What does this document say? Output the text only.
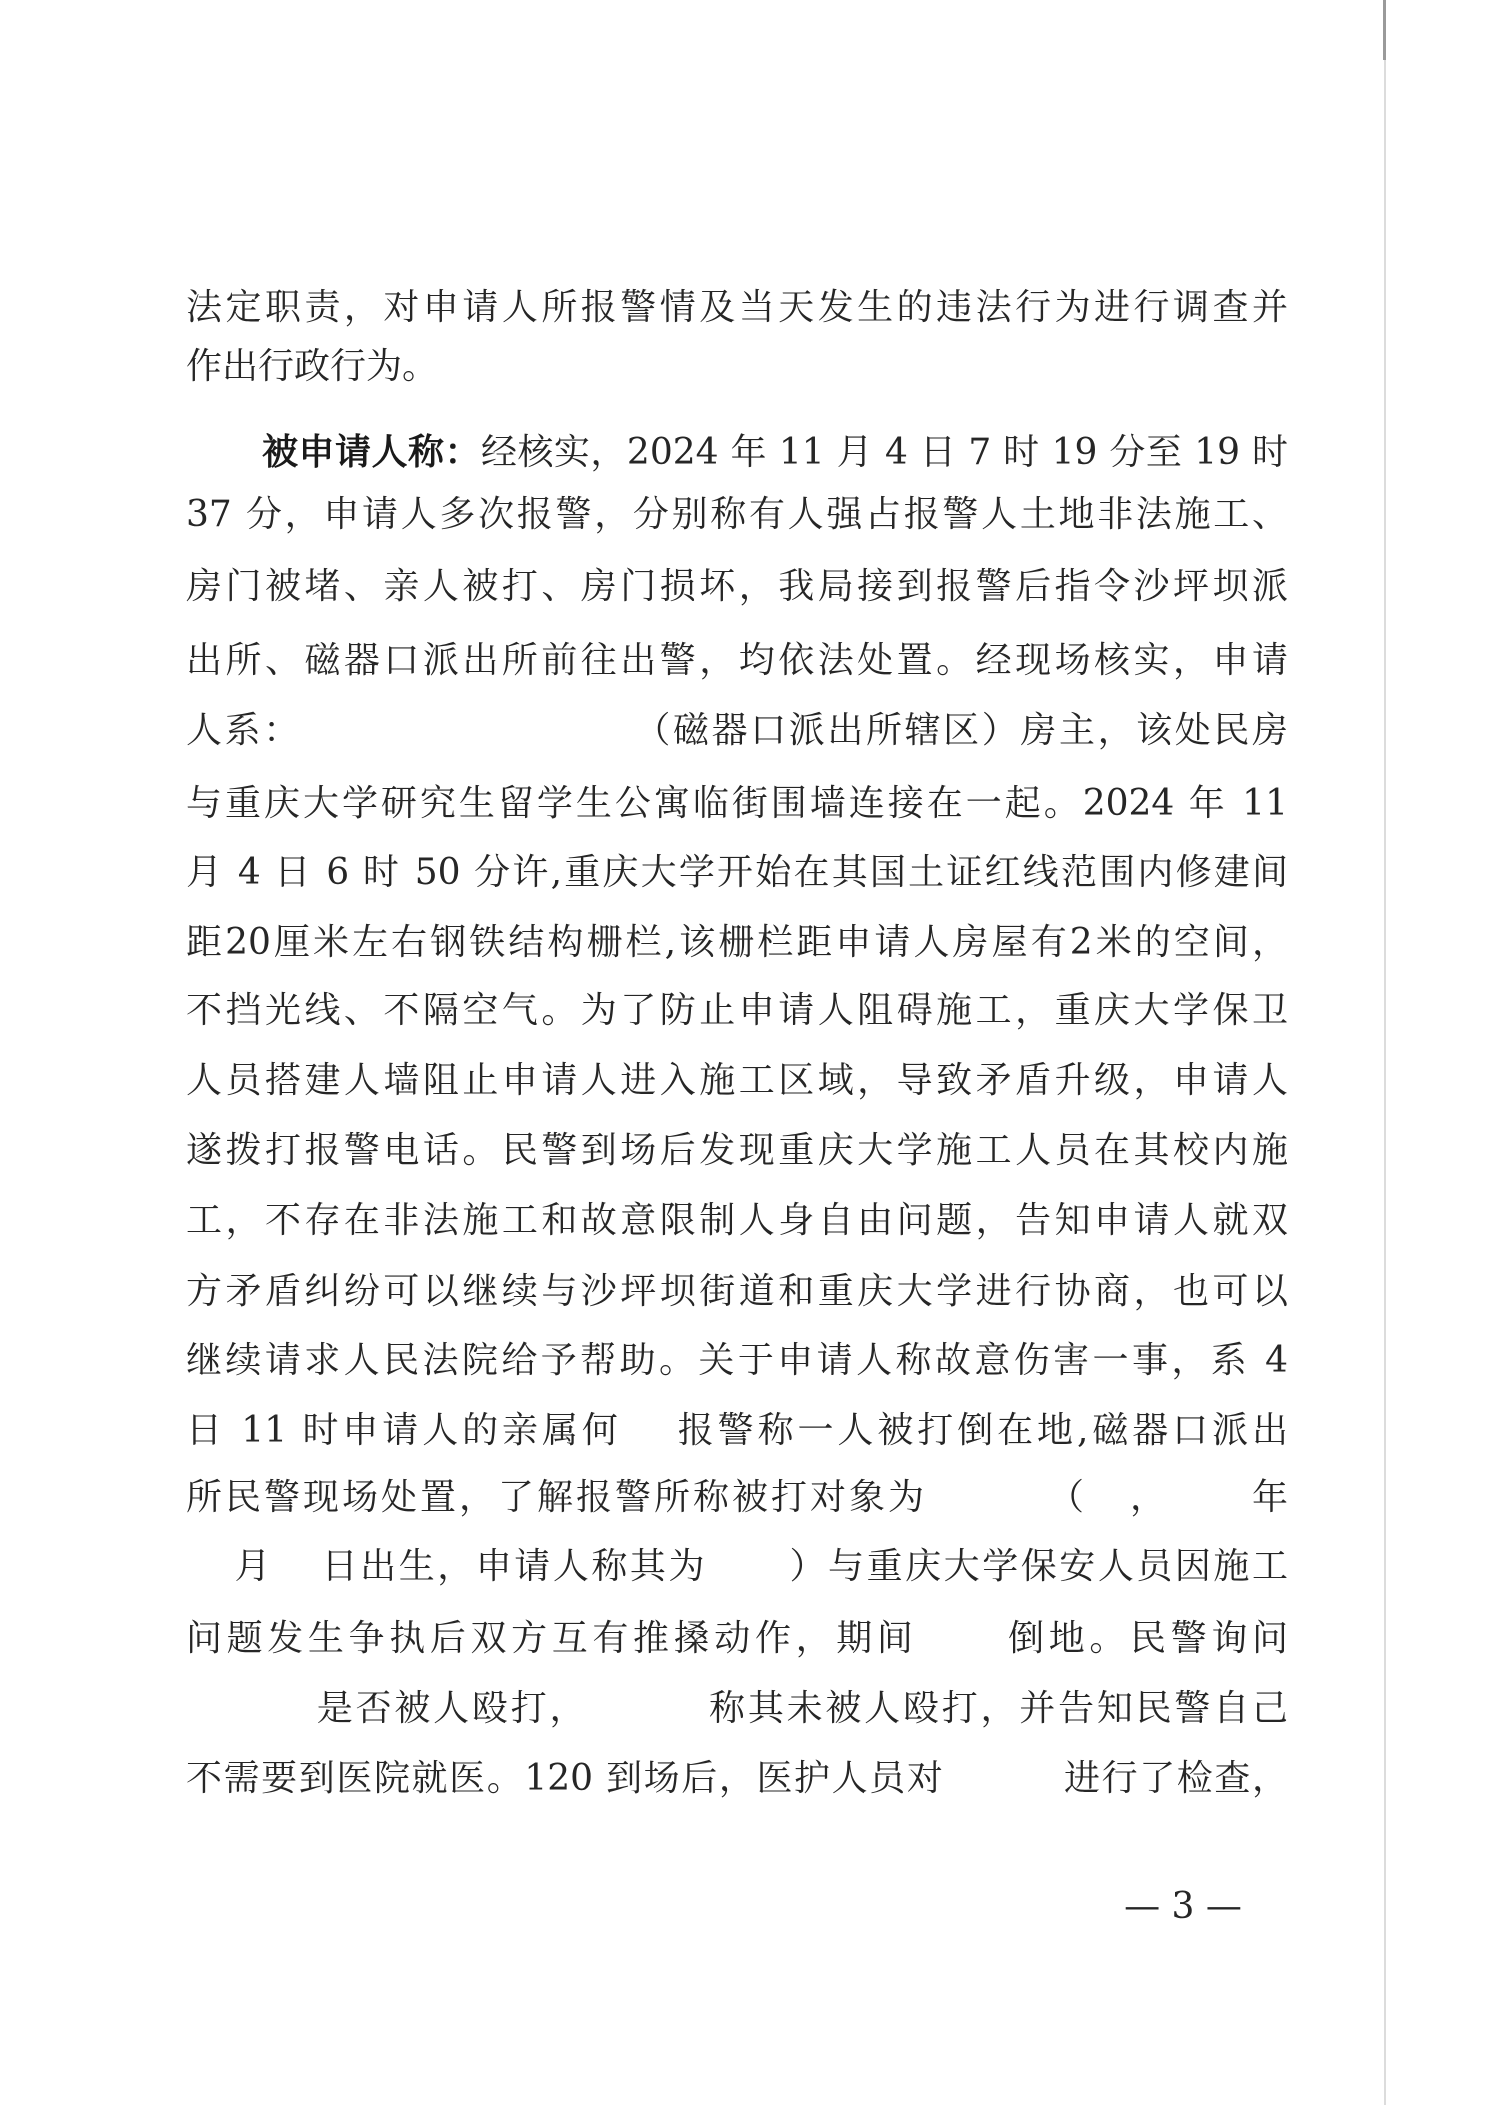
法定职责，对申请人所报警情及当天发生的违法行为进行调查并
作出行政行为。
被申请人称：经核实，2024 年 11 月 4 日 7 时 19 分至 19 时
37 分，申请人多次报警，分别称有人强占报警人土地非法施工、
房门被堵、亲人被打、房门损坏，我局接到报警后指令沙坪坝派
出所、磁器口派出所前往出警，均依法处置。经现场核实，申请
人系：	（磁器口派出所辖区）房主，该处民房
与重庆大学研究生留学生公寓临街围墙连接在一起。2024 年 11
月 4 日 6 时 50 分许,重庆大学开始在其国土证红线范围内修建间
距20厘米左右钢铁结构栅栏,该栅栏距申请人房屋有2米的空间，
不挡光线、不隔空气。为了防止申请人阻碍施工，重庆大学保卫
人员搭建人墙阻止申请人进入施工区域，导致矛盾升级，申请人
遂拨打报警电话。民警到场后发现重庆大学施工人员在其校内施
工，不存在非法施工和故意限制人身自由问题，告知申请人就双
方矛盾纠纷可以继续与沙坪坝街道和重庆大学进行协商，也可以
继续请求人民法院给予帮助。关于申请人称故意伤害一事，系 4
日 11 时申请人的亲属何 报警称一人被打倒在地,磁器口派出
所民警现场处置，了解报警所称被打对象为	（ ， 年
月 日出生，申请人称其为 ）与重庆大学保安人员因施工
问题发生争执后双方互有推搡动作，期间 倒地。民警询问
是否被人殴打，	称其未被人殴打，并告知民警自己
不需要到医院就医。120 到场后，医护人员对	进行了检查，
— 3 —
